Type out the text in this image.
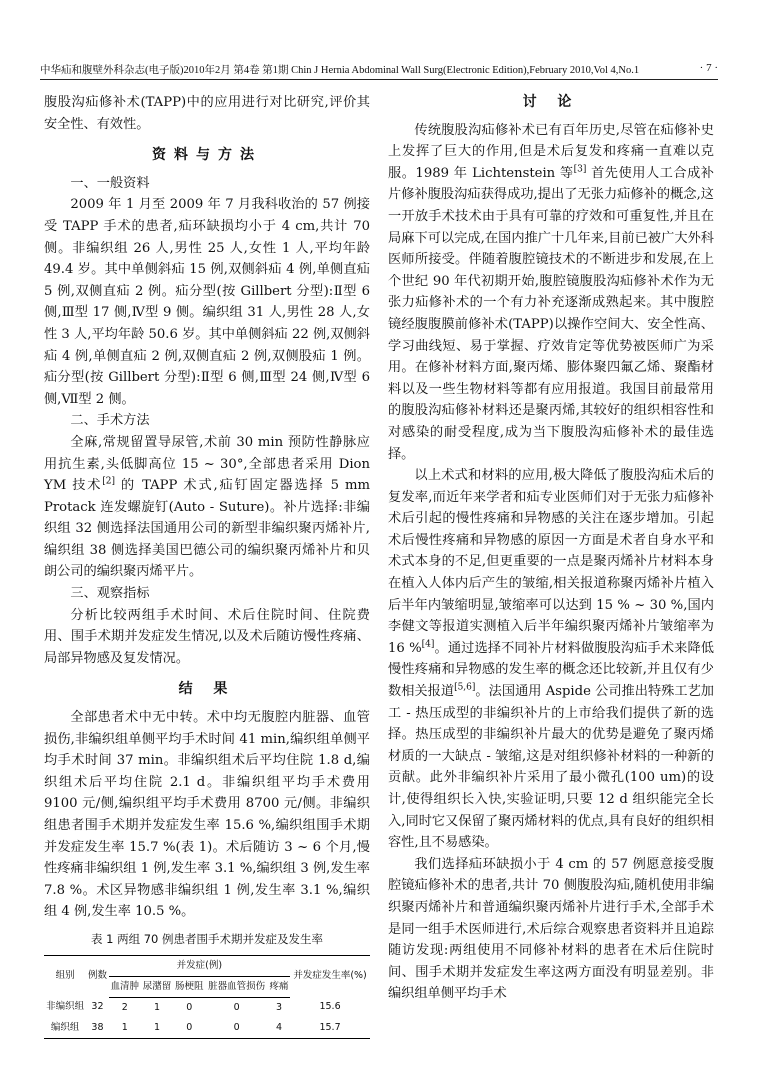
中华疝和腹壁外科杂志(电子版)2010年2月 第4卷 第1期 Chin J Hernia Abdominal Wall Surg(Electronic Edition),February 2010,Vol 4,No.1	· 7 ·

腹股沟疝修补术(TAPP)中的应用进行对比研究,评价其安全性、有效性。

资料与方法

一、一般资料

2009 年 1 月至 2009 年 7 月我科收治的 57 例接受 TAPP 手术的患者,疝环缺损均小于 4 cm,共计 70 侧。非编织组 26 人,男性 25 人,女性 1 人,平均年龄 49.4 岁。其中单侧斜疝 15 例,双侧斜疝 4 例,单侧直疝 5 例,双侧直疝 2 例。疝分型(按 Gillbert 分型):Ⅱ型 6 侧,Ⅲ型 17 侧,Ⅳ型 9 侧。编织组 31 人,男性 28 人,女性 3 人,平均年龄 50.6 岁。其中单侧斜疝 22 例,双侧斜疝 4 例,单侧直疝 2 例,双侧直疝 2 例,双侧股疝 1 例。疝分型(按 Gillbert 分型):Ⅱ型 6 侧,Ⅲ型 24 侧,Ⅳ型 6 侧,Ⅶ型 2 侧。

二、手术方法

全麻,常规留置导尿管,术前 30 min 预防性静脉应用抗生素,头低脚高位 15 ~ 30°,全部患者采用 Dion YM 技术[2] 的 TAPP 术式,疝钉固定器选择 5 mm Protack 连发螺旋钉(Auto - Suture)。补片选择:非编织组 32 侧选择法国通用公司的新型非编织聚丙烯补片,编织组 38 侧选择美国巴德公司的编织聚丙烯补片和贝朗公司的编织聚丙烯平片。

三、观察指标

分析比较两组手术时间、术后住院时间、住院费用、围手术期并发症发生情况,以及术后随访慢性疼痛、局部异物感及复发情况。

结 果

全部患者术中无中转。术中均无腹腔内脏器、血管损伤,非编织组单侧平均手术时间 41 min,编织组单侧平均手术时间 37 min。非编织组术后平均住院 1.8 d,编织组术后平均住院 2.1 d。非编织组平均手术费用 9100 元/侧,编织组平均手术费用 8700 元/侧。非编织组患者围手术期并发症发生率 15.6 %,编织组围手术期并发症发生率 15.7 %(表 1)。术后随访 3 ~ 6 个月,慢性疼痛非编织组 1 例,发生率 3.1 %,编织组 3 例,发生率 7.8 %。术区异物感非编织组 1 例,发生率 3.1 %,编织组 4 例,发生率 10.5 %。

表 1 两组 70 例患者围手术期并发症及发生率
组别	例数	并发症(例)					并发症发生率(%)
		血清肿	尿潴留	肠梗阻	脏器血管损伤	疼痛	
非编织组	32	2	1	0	0	3	15.6
编织组	38	1	1	0	0	4	15.7
讨 论

传统腹股沟疝修补术已有百年历史,尽管在疝修补史上发挥了巨大的作用,但是术后复发和疼痛一直难以克服。1989 年 Lichtenstein 等[3] 首先使用人工合成补片修补腹股沟疝获得成功,提出了无张力疝修补的概念,这一开放手术技术由于具有可靠的疗效和可重复性,并且在局麻下可以完成,在国内推广十几年来,目前已被广大外科医师所接受。伴随着腹腔镜技术的不断进步和发展,在上个世纪 90 年代初期开始,腹腔镜腹股沟疝修补术作为无张力疝修补术的一个有力补充逐渐成熟起来。其中腹腔镜经腹腹膜前修补术(TAPP)以操作空间大、安全性高、学习曲线短、易于掌握、疗效肯定等优势被医师广为采用。在修补材料方面,聚丙烯、膨体聚四氟乙烯、聚酯材料以及一些生物材料等都有应用报道。我国目前最常用的腹股沟疝修补材料还是聚丙烯,其较好的组织相容性和对感染的耐受程度,成为当下腹股沟疝修补术的最佳选择。

以上术式和材料的应用,极大降低了腹股沟疝术后的复发率,而近年来学者和疝专业医师们对于无张力疝修补术后引起的慢性疼痛和异物感的关注在逐步增加。引起术后慢性疼痛和异物感的原因一方面是术者自身水平和术式本身的不足,但更重要的一点是聚丙烯补片材料本身在植入人体内后产生的皱缩,相关报道称聚丙烯补片植入后半年内皱缩明显,皱缩率可以达到 15 % ~ 30 %,国内李健文等报道实测植入后半年编织聚丙烯补片皱缩率为 16 %[4]。通过选择不同补片材料做腹股沟疝手术来降低慢性疼痛和异物感的发生率的概念还比较新,并且仅有少数相关报道[5,6]。法国通用 Aspide 公司推出特殊工艺加工 - 热压成型的非编织补片的上市给我们提供了新的选择。热压成型的非编织补片最大的优势是避免了聚丙烯材质的一大缺点 - 皱缩,这是对组织修补材料的一种新的贡献。此外非编织补片采用了最小微孔(100 um)的设计,使得组织长入快,实验证明,只要 12 d 组织能完全长入,同时它又保留了聚丙烯材料的优点,具有良好的组织相容性,且不易感染。

我们选择疝环缺损小于 4 cm 的 57 例愿意接受腹腔镜疝修补术的患者,共计 70 侧腹股沟疝,随机使用非编织聚丙烯补片和普通编织聚丙烯补片进行手术,全部手术是同一组手术医师进行,术后综合观察患者资料并且追踪随访发现:两组使用不同修补材料的患者在术后住院时间、围手术期并发症发生率这两方面没有明显差别。非编织组单侧平均手术
